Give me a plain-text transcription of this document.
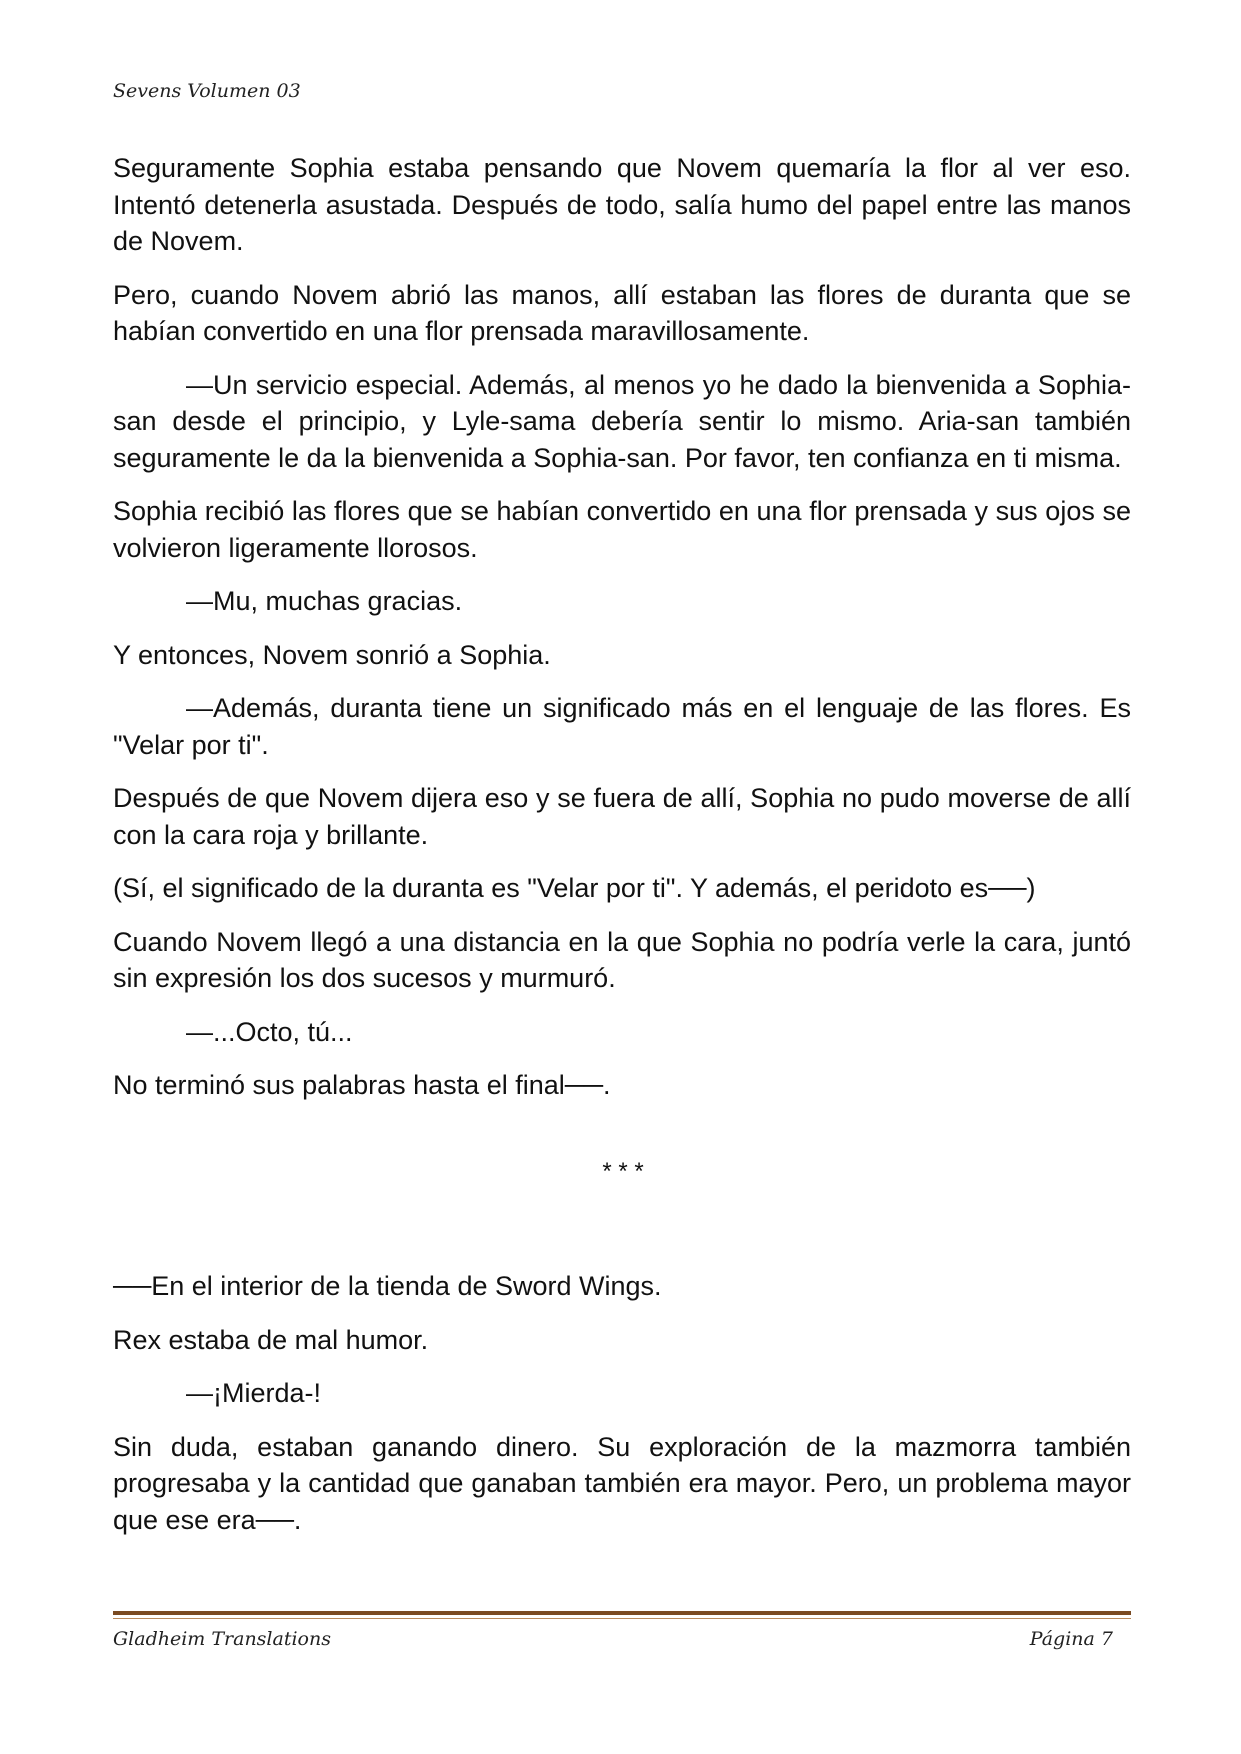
Sevens Volumen 03

Seguramente Sophia estaba pensando que Novem quemaría la flor al ver eso. Intentó detenerla asustada. Después de todo, salía humo del papel entre las manos de Novem.

Pero, cuando Novem abrió las manos, allí estaban las flores de duranta que se habían convertido en una flor prensada maravillosamente.

—Un servicio especial. Además, al menos yo he dado la bienvenida a Sophia-san desde el principio, y Lyle-sama debería sentir lo mismo. Aria-san también seguramente le da la bienvenida a Sophia-san. Por favor, ten confianza en ti misma.

Sophia recibió las flores que se habían convertido en una flor prensada y sus ojos se volvieron ligeramente llorosos.

—Mu, muchas gracias.

Y entonces, Novem sonrió a Sophia.

—Además, duranta tiene un significado más en el lenguaje de las flores. Es "Velar por ti".

Después de que Novem dijera eso y se fuera de allí, Sophia no pudo moverse de allí con la cara roja y brillante.

(Sí, el significado de la duranta es "Velar por ti". Y además, el peridoto es──)

Cuando Novem llegó a una distancia en la que Sophia no podría verle la cara, juntó sin expresión los dos sucesos y murmuró.

—...Octo, tú...

No terminó sus palabras hasta el final──.

* * *

──En el interior de la tienda de Sword Wings.

Rex estaba de mal humor.

—¡Mierda-!

Sin duda, estaban ganando dinero. Su exploración de la mazmorra también progresaba y la cantidad que ganaban también era mayor. Pero, un problema mayor que ese era──.

Gladheim Translations	Página 7
